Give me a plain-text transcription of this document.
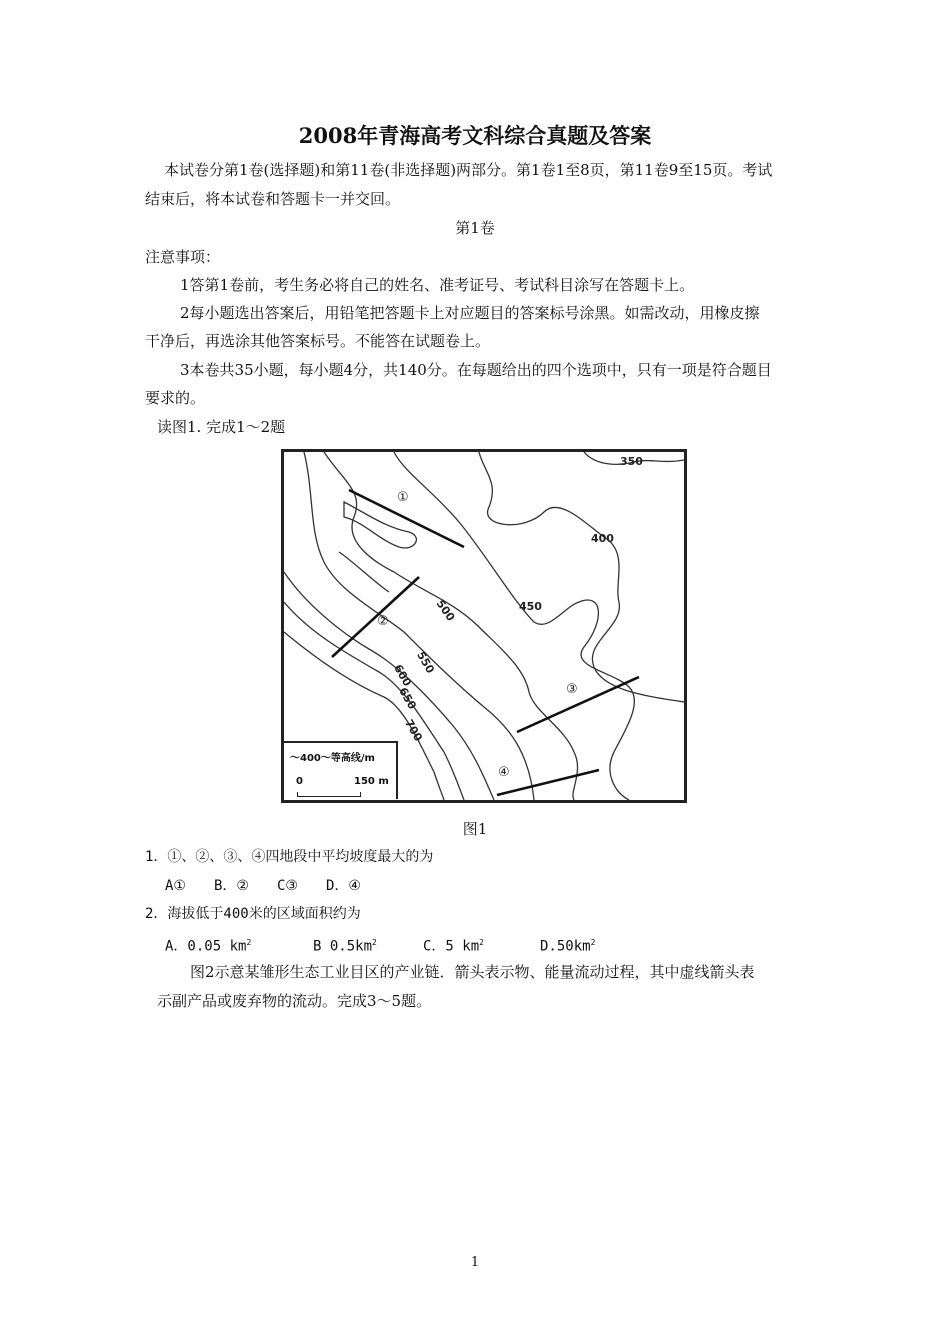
2008年青海高考文科综合真题及答案
本试卷分第1卷(选择题)和第11卷(非选择题)两部分。第1卷1至8页，第11卷9至15页。考试
结束后，将本试卷和答题卡一并交回。
第1卷
注意事项：
1答第1卷前，考生务必将自己的姓名、准考证号、考试科目涂写在答题卡上。
2每小题选出答案后，用铅笔把答题卡上对应题目的答案标号涂黑。如需改动，用橡皮擦
干净后，再选涂其他答案标号。不能答在试题卷上。
3本卷共35小题，每小题4分，共140分。在每题给出的四个选项中，只有一项是符合题目
要求的。
读图1. 完成1～2题
350
400
450
500
550
600
650
700
①
②
③
④
～400～等高线/m
0	150 m
图1
1．①、②、③、④四地段中平均坡度最大的为
A①　　B．②　　C③　　D．④
2．海拔低于400米的区域面积约为
A．0.05 $km^2$	B $0.5km^2$	C．5 $km^2$	$D.50km^2$
图2示意某雏形生态工业目区的产业链．箭头表示物、能量流动过程，其中虚线箭头表
示副产品或废弃物的流动。完成3～5题。
1
